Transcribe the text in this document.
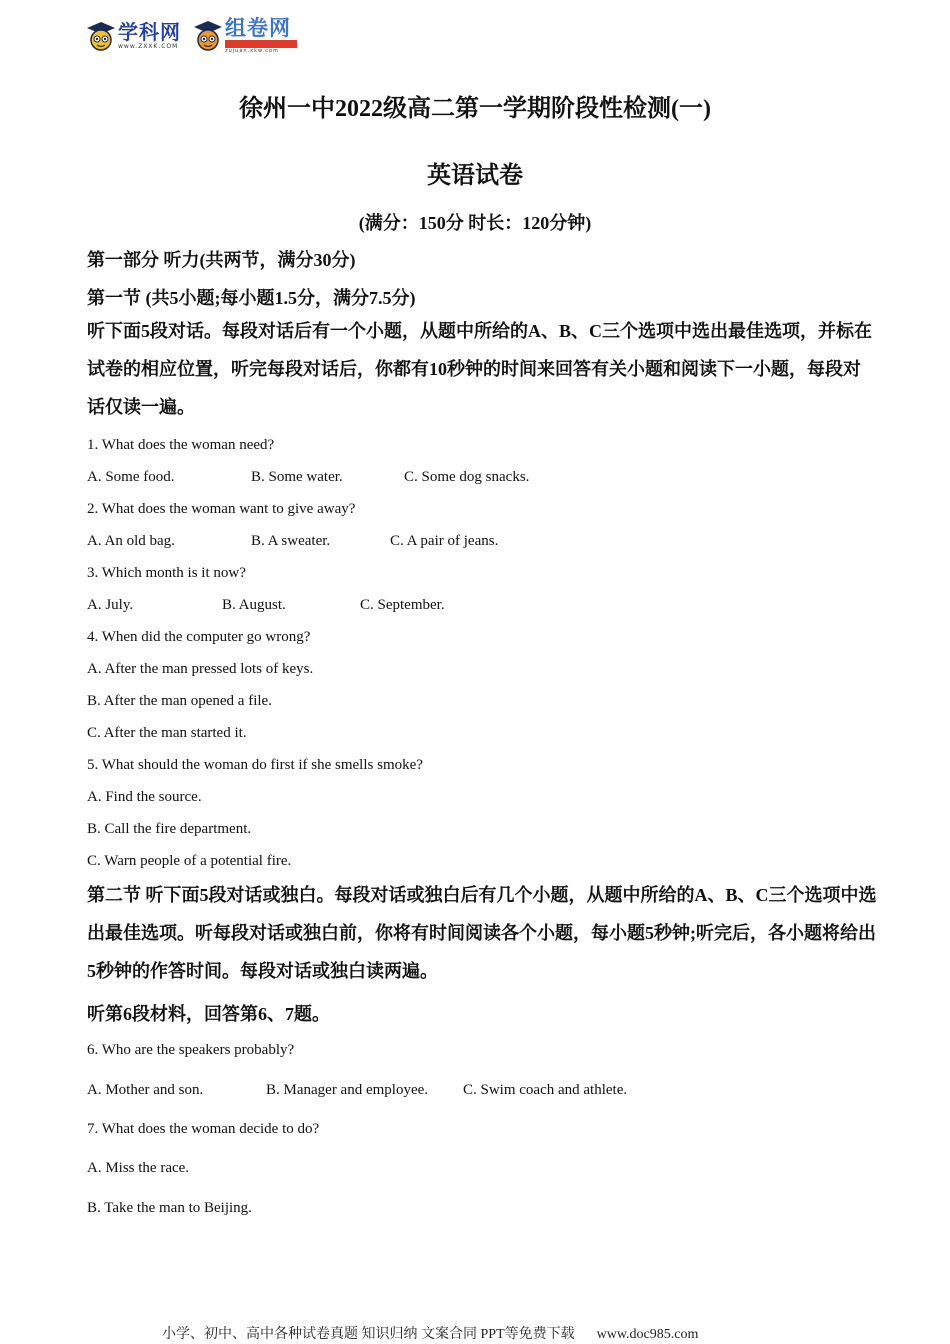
学科网
www.ZXXK.COM
组卷网
zujuan.xkw.com
徐州一中2022级高二第一学期阶段性检测(一)
英语试卷
(满分：150分 时长：120分钟)
第一部分 听力(共两节，满分30分)
第一节 (共5小题;每小题1.5分，满分7.5分)
听下面5段对话。每段对话后有一个小题，从题中所给的A、B、C三个选项中选出最佳选项，并标在试卷的相应位置，听完每段对话后，你都有10秒钟的时间来回答有关小题和阅读下一小题，每段对话仅读一遍。
1. What does the woman need?
A. Some food.	B. Some water.	C. Some dog snacks.
2. What does the woman want to give away?
A. An old bag.	B. A sweater.	C. A pair of jeans.
3. Which month is it now?
A. July.	B. August.	C. September.
4. When did the computer go wrong?
A. After the man pressed lots of keys.
B. After the man opened a file.
C. After the man started it.
5. What should the woman do first if she smells smoke?
A. Find the source.
B. Call the fire department.
C. Warn people of a potential fire.
第二节 听下面5段对话或独白。每段对话或独白后有几个小题，从题中所给的A、B、C三个选项中选出最佳选项。听每段对话或独白前，你将有时间阅读各个小题，每小题5秒钟;听完后，各小题将给出5秒钟的作答时间。每段对话或独白读两遍。
听第6段材料，回答第6、7题。
6. Who are the speakers probably?
A. Mother and son.	B. Manager and employee. C. Swim coach and athlete.
7. What does the woman decide to do?
A. Miss the race.
B. Take the man to Beijing.
小学、初中、高中各种试卷真题 知识归纳 文案合同 PPT等免费下载 www.doc985.com
